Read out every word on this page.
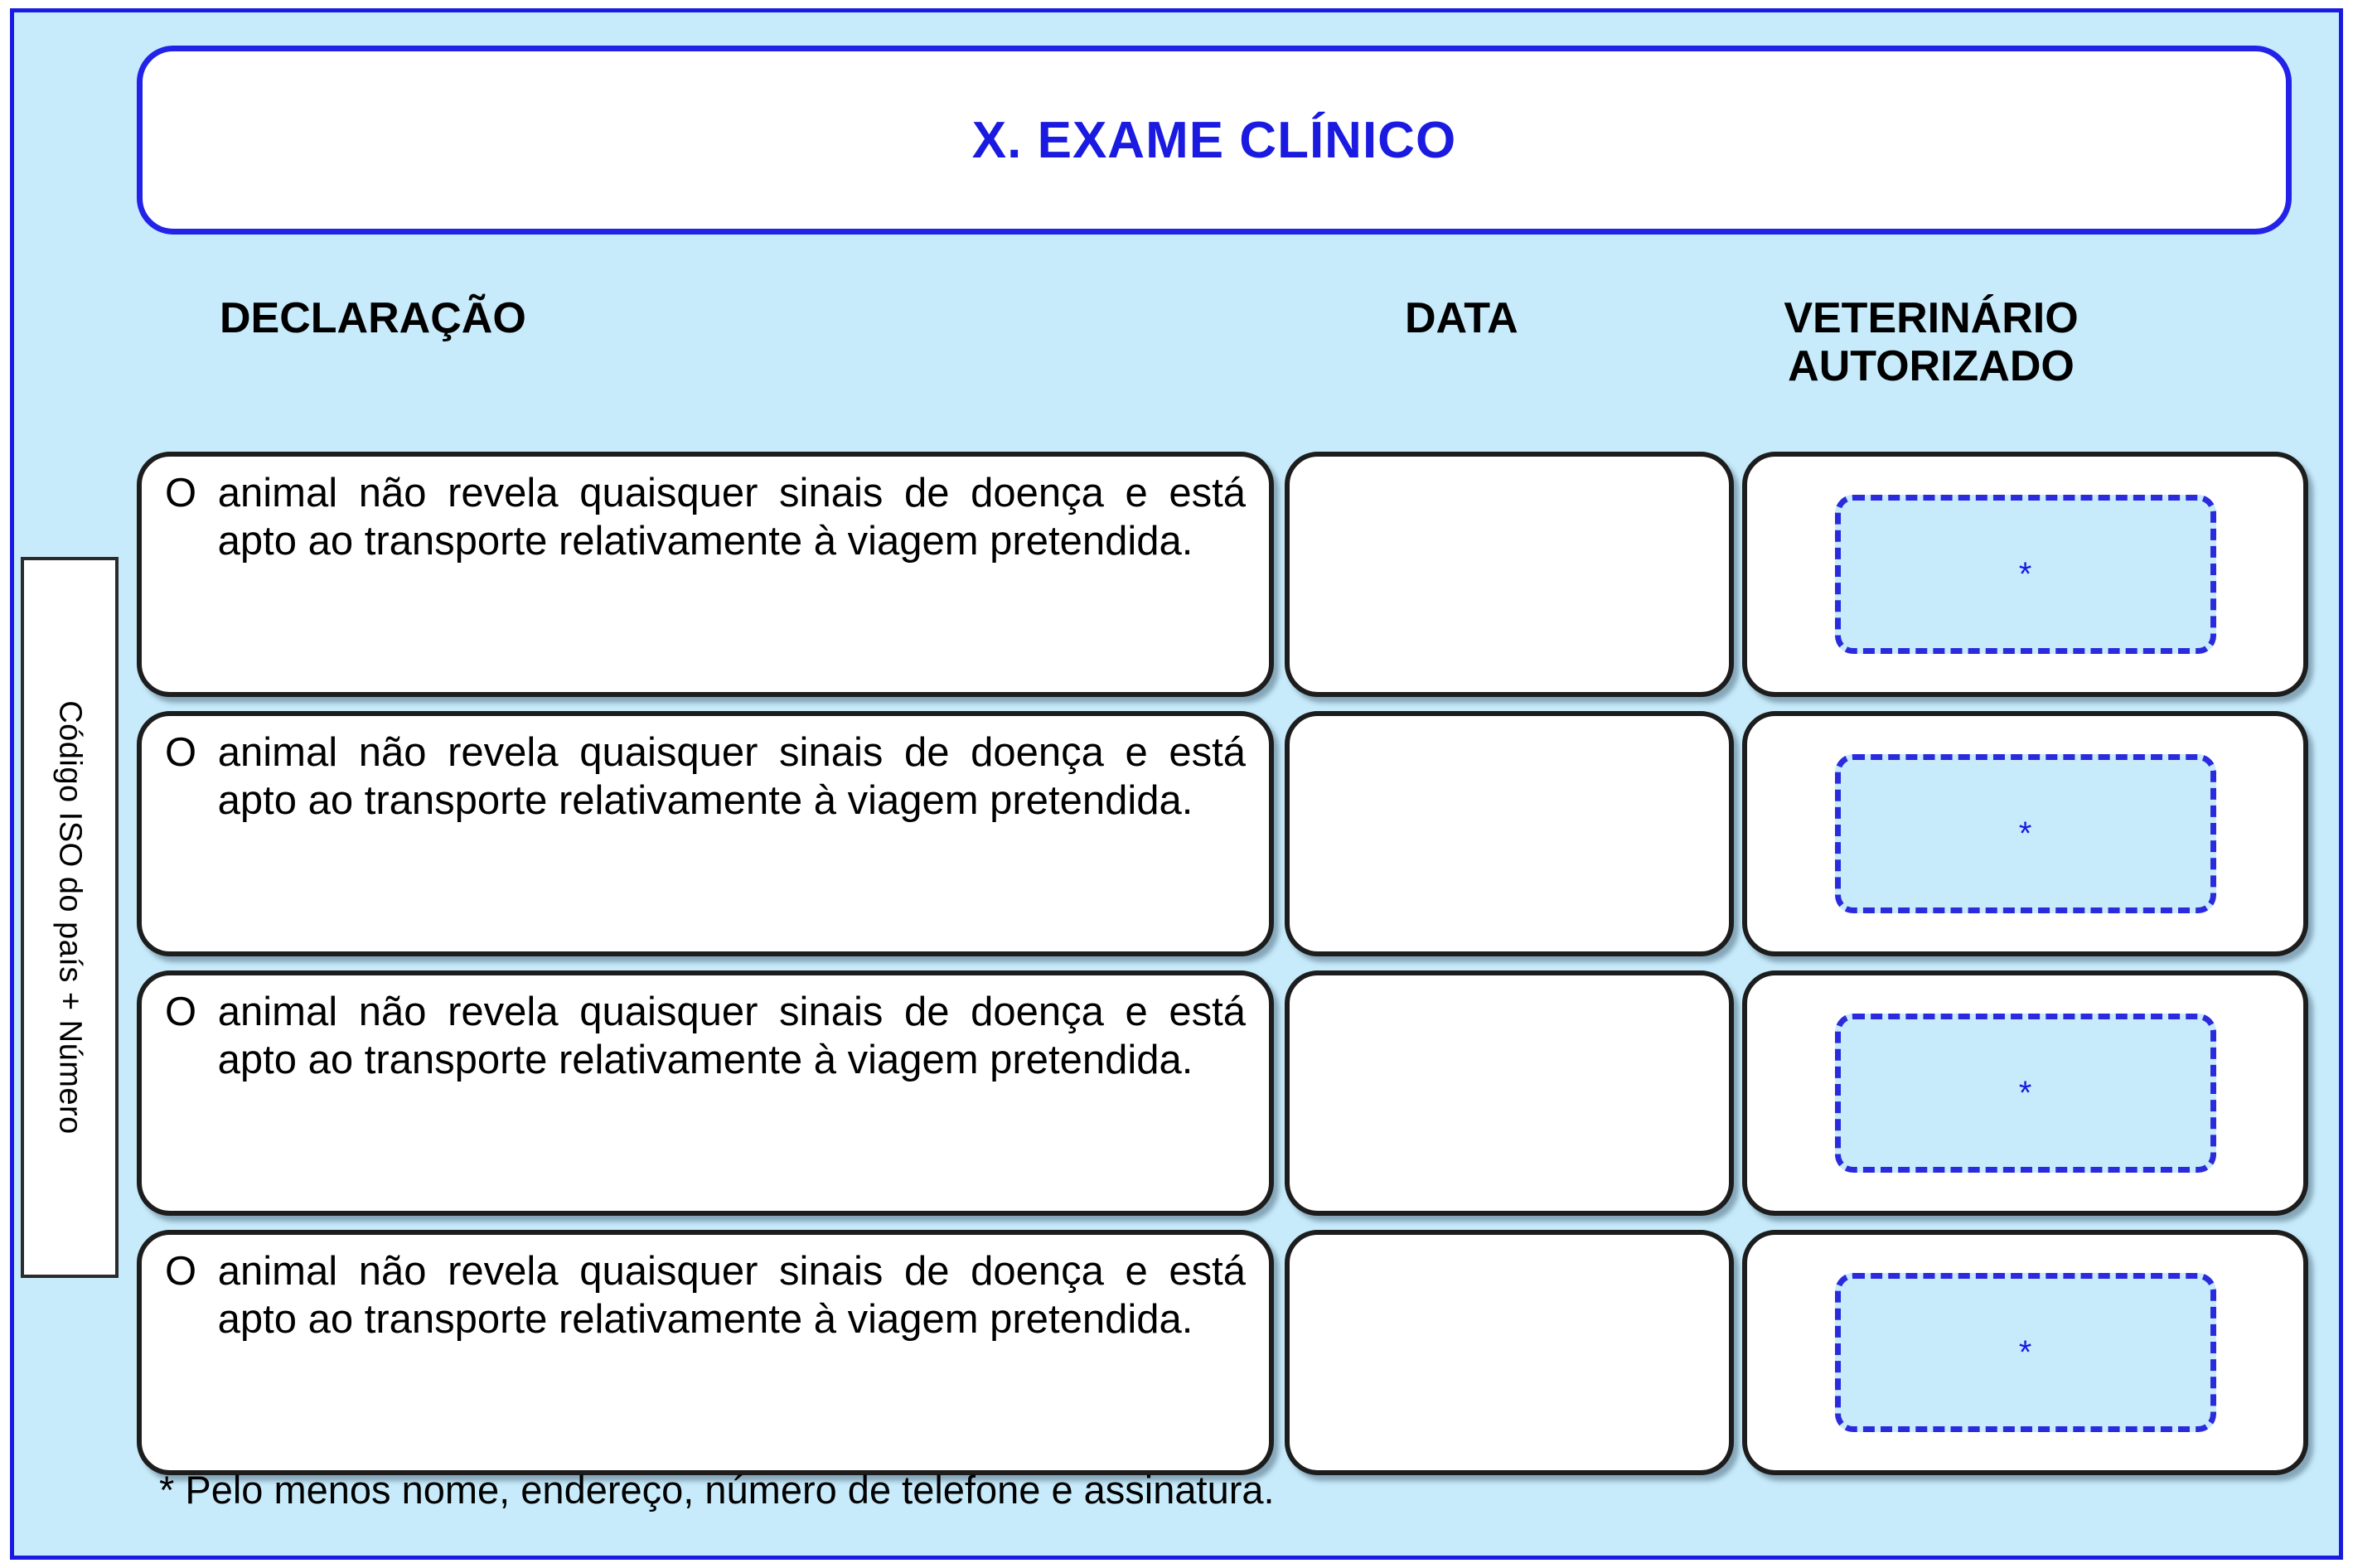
X. EXAME CLÍNICO
DECLARAÇÃO	DATA	VETERINÁRIO
AUTORIZADO
O animal não revela quaisquer sinais de doença e está apto ao transporte relativamente à viagem pretendida.
*
O animal não revela quaisquer sinais de doença e está apto ao transporte relativamente à viagem pretendida.
*
O animal não revela quaisquer sinais de doença e está apto ao transporte relativamente à viagem pretendida.
*
O animal não revela quaisquer sinais de doença e está apto ao transporte relativamente à viagem pretendida.
*
* Pelo menos nome, endereço, número de telefone e assinatura.
Código ISO do país + Número
